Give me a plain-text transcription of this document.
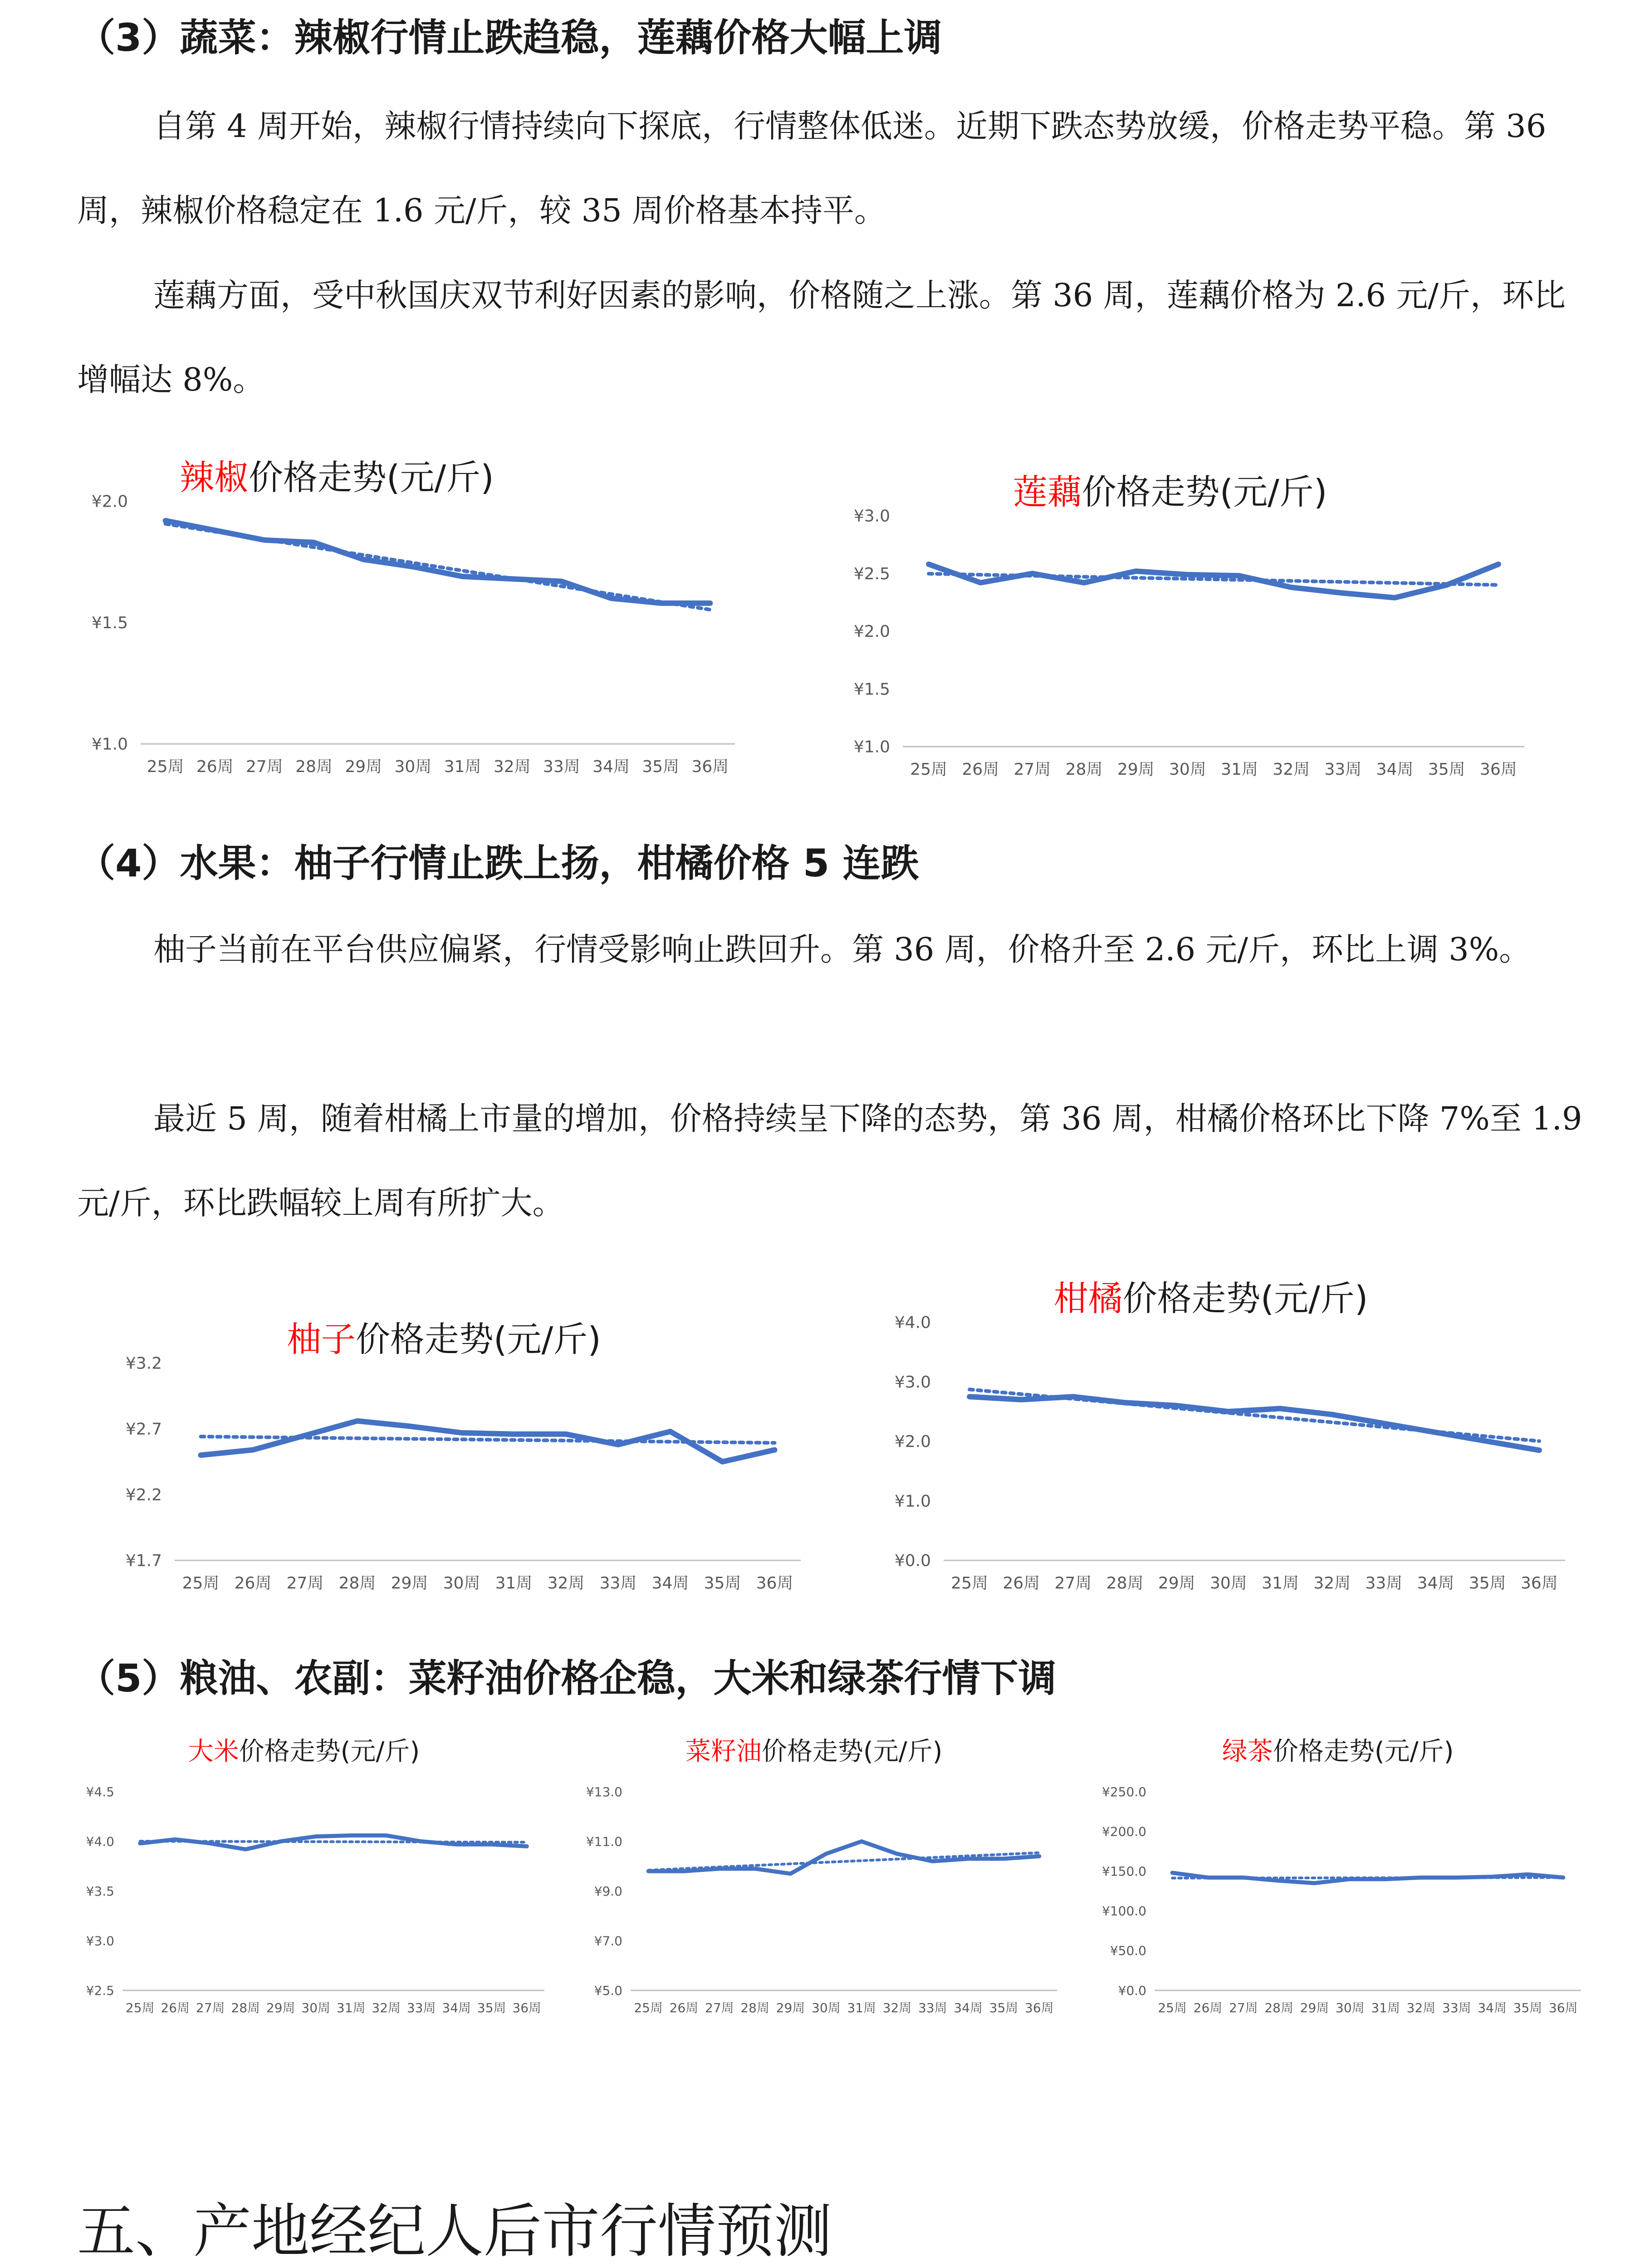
（3）蔬菜：辣椒行情止跌趋稳，莲藕价格大幅上调

自第 4 周开始，辣椒行情持续向下探底，行情整体低迷。近期下跌态势放缓，价格走势平稳。第 36 周，辣椒价格稳定在 1.6 元/斤，较 35 周价格基本持平。

莲藕方面，受中秋国庆双节利好因素的影响，价格随之上涨。第 36 周，莲藕价格为 2.6 元/斤，环比增幅达 8%。

辣椒价格走势(元/斤)
¥1.0
¥1.5
¥2.0
25周 26周 27周 28周 29周 30周 31周 32周 33周 34周 35周 36周
莲藕价格走势(元/斤)
¥1.0
¥1.5
¥2.0
¥2.5
¥3.0
25周 26周 27周 28周 29周 30周 31周 32周 33周 34周 35周 36周
（4）水果：柚子行情止跌上扬，柑橘价格 5 连跌

柚子当前在平台供应偏紧，行情受影响止跌回升。第 36 周，价格升至 2.6 元/斤，环比上调 3%。

最近 5 周，随着柑橘上市量的增加，价格持续呈下降的态势，第 36 周，柑橘价格环比下降 7%至 1.9 元/斤，环比跌幅较上周有所扩大。

柚子价格走势(元/斤)
¥1.7
¥2.2
¥2.7
¥3.2
25周 26周 27周 28周 29周 30周 31周 32周 33周 34周 35周 36周
柑橘价格走势(元/斤)
¥0.0
¥1.0
¥2.0
¥3.0
¥4.0
25周 26周 27周 28周 29周 30周 31周 32周 33周 34周 35周 36周
（5）粮油、农副：菜籽油价格企稳，大米和绿茶行情下调
大米价格走势(元/斤)
¥2.5
¥3.0
¥3.5
¥4.0
¥4.5
25周 26周 27周 28周 29周 30周 31周 32周 33周 34周 35周 36周
菜籽油价格走势(元/斤)
¥5.0
¥7.0
¥9.0
¥11.0
¥13.0
25周 26周 27周 28周 29周 30周 31周 32周 33周 34周 35周 36周
绿茶价格走势(元/斤)
¥0.0
¥50.0
¥100.0
¥150.0
¥200.0
¥250.0
25周 26周 27周 28周 29周 30周 31周 32周 33周 34周 35周 36周
五、产地经纪人后市行情预测
